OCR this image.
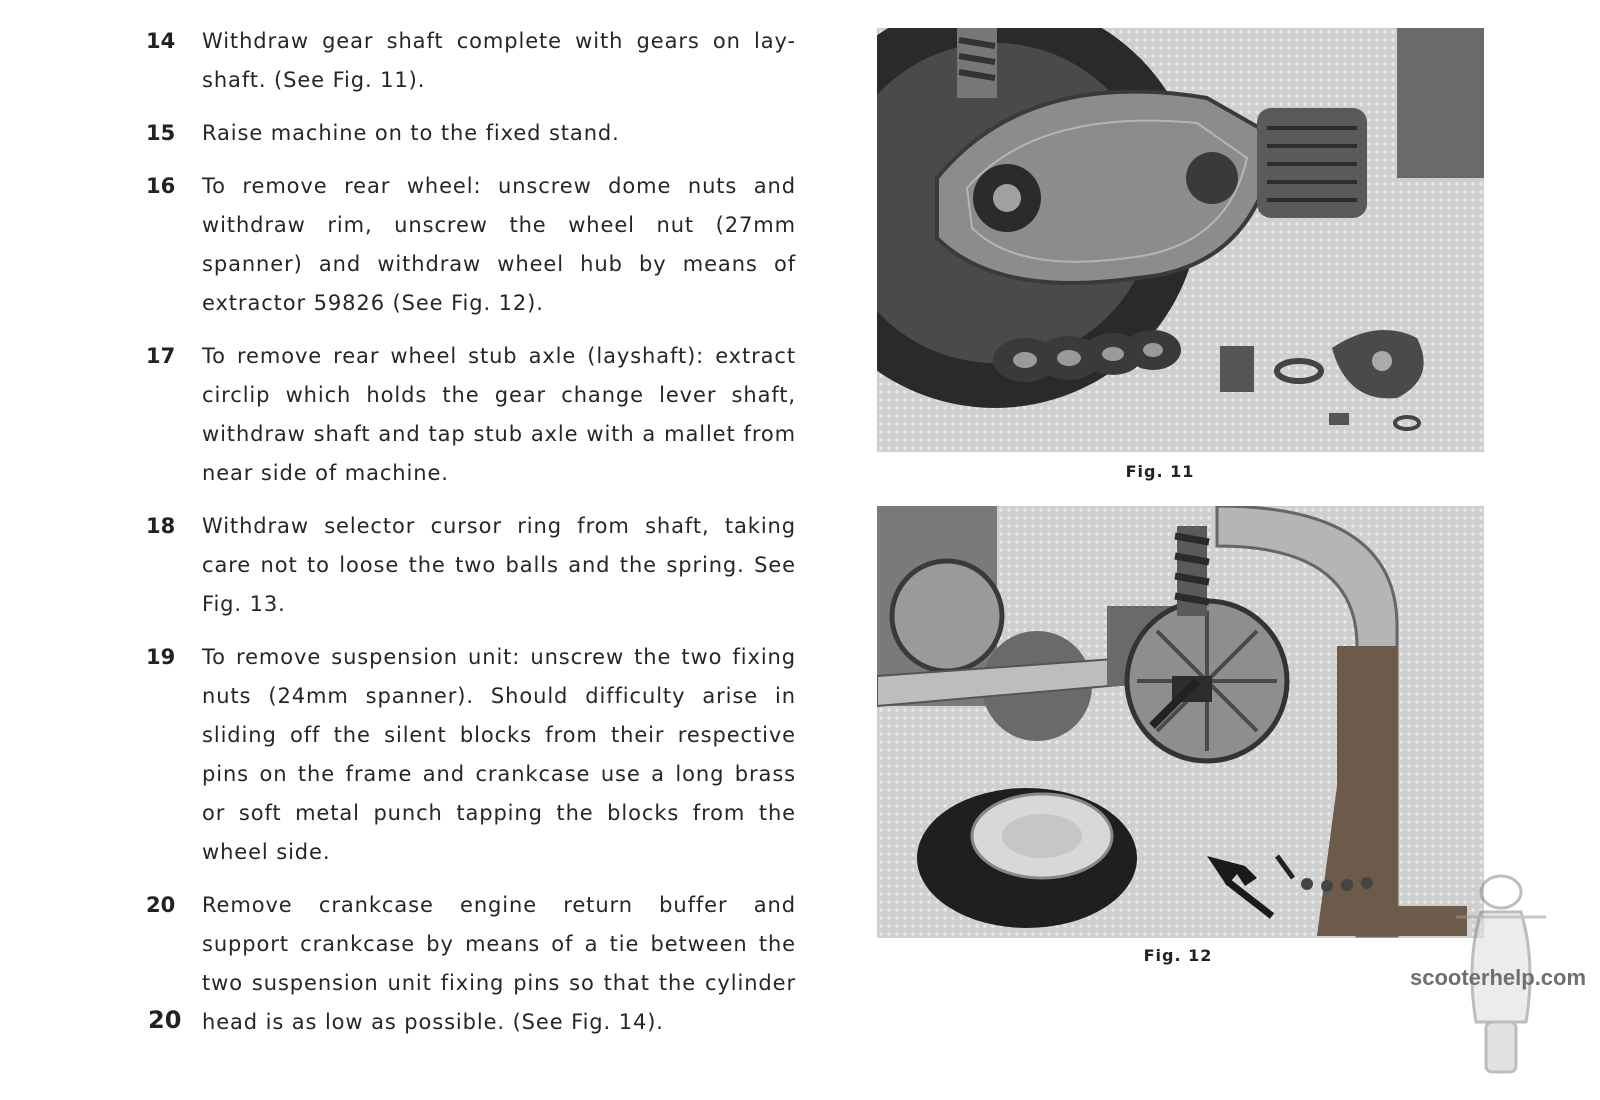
14	Withdraw gear shaft complete with gears on lay-shaft. (See Fig. 11).
15	Raise machine on to the fixed stand.
16	To remove rear wheel: unscrew dome nuts and withdraw rim, unscrew the wheel nut (27mm spanner) and withdraw wheel hub by means of extractor 59826 (See Fig. 12).
17	To remove rear wheel stub axle (layshaft): extract circlip which holds the gear change lever shaft, withdraw shaft and tap stub axle with a mallet from near side of machine.
18	Withdraw selector cursor ring from shaft, taking care not to loose the two balls and the spring. See Fig. 13.
19	To remove suspension unit: unscrew the two fixing nuts (24mm spanner). Should difficulty arise in sliding off the silent blocks from their respective pins on the frame and crankcase use a long brass or soft metal punch tapping the blocks from the wheel side.
20	Remove crankcase engine return buffer and support crankcase by means of a tie between the two suspension unit fixing pins so that the cylinder head is as low as possible. (See Fig. 14).
20
Fig. 11
Fig. 12
scooterhelp.com
